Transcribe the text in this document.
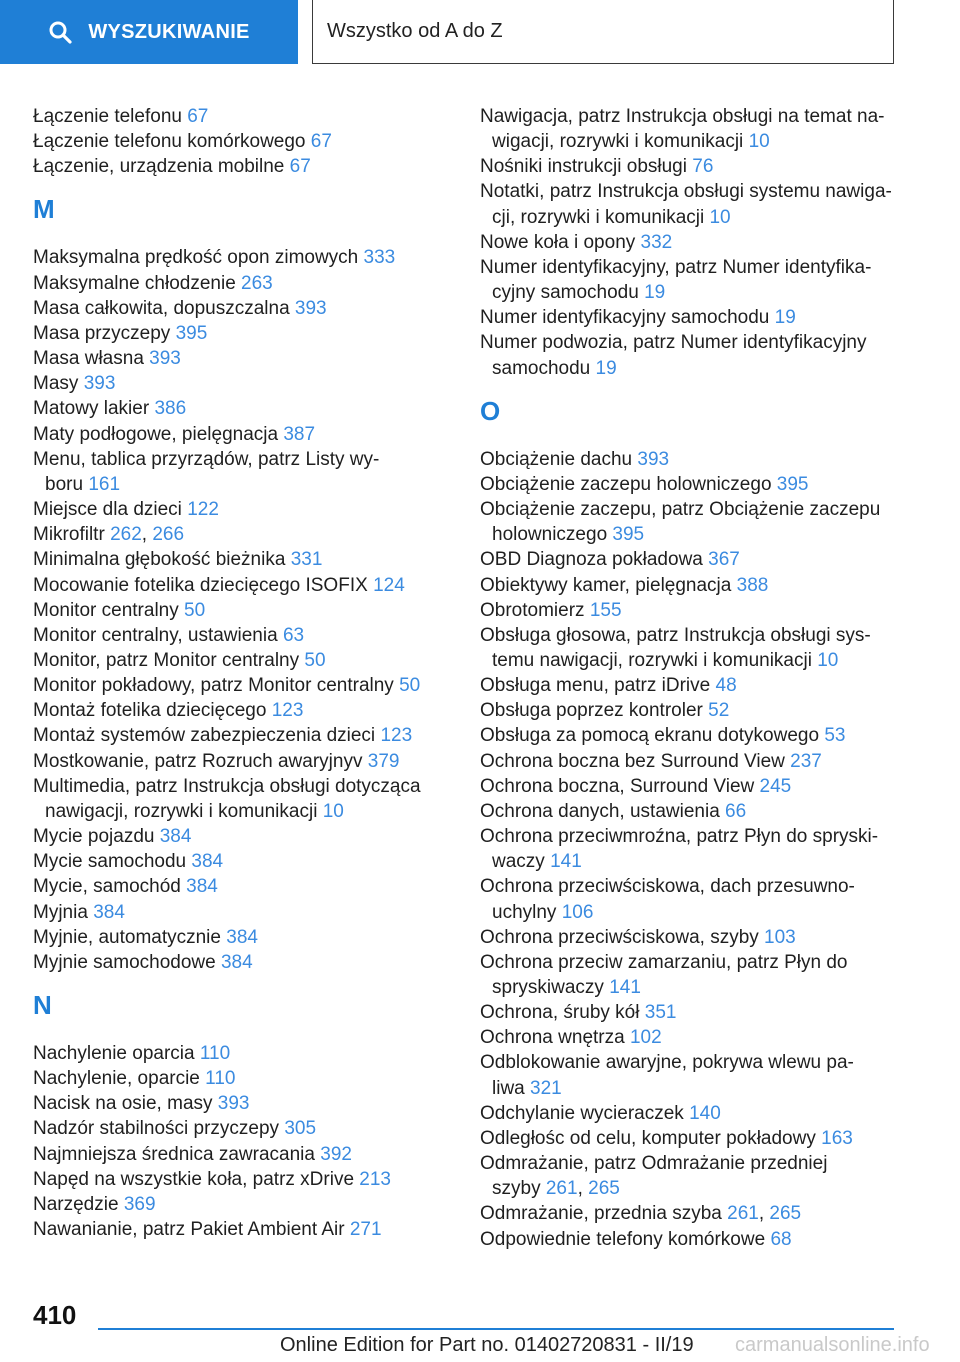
WYSZUKIWANIE	Wszystko od A do Z
Łączenie telefonu 67
Łączenie telefonu komórkowego 67
Łączenie, urządzenia mobilne 67
M
Maksymalna prędkość opon zimowych 333
Maksymalne chłodzenie 263
Masa całkowita, dopuszczalna 393
Masa przyczepy 395
Masa własna 393
Masy 393
Matowy lakier 386
Maty podłogowe, pielęgnacja 387
Menu, tablica przyrządów, patrz Listy wy-
boru 161
Miejsce dla dzieci 122
Mikrofiltr 262, 266
Minimalna głębokość bieżnika 331
Mocowanie fotelika dziecięcego ISOFIX 124
Monitor centralny 50
Monitor centralny, ustawienia 63
Monitor, patrz Monitor centralny 50
Monitor pokładowy, patrz Monitor centralny 50
Montaż fotelika dziecięcego 123
Montaż systemów zabezpieczenia dzieci 123
Mostkowanie, patrz Rozruch awaryjnyv 379
Multimedia, patrz Instrukcja obsługi dotycząca
nawigacji, rozrywki i komunikacji 10
Mycie pojazdu 384
Mycie samochodu 384
Mycie, samochód 384
Myjnia 384
Myjnie, automatycznie 384
Myjnie samochodowe 384
N
Nachylenie oparcia 110
Nachylenie, oparcie 110
Nacisk na osie, masy 393
Nadzór stabilności przyczepy 305
Najmniejsza średnica zawracania 392
Napęd na wszystkie koła, patrz xDrive 213
Narzędzie 369
Nawanianie, patrz Pakiet Ambient Air 271
Nawigacja, patrz Instrukcja obsługi na temat na-
wigacji, rozrywki i komunikacji 10
Nośniki instrukcji obsługi 76
Notatki, patrz Instrukcja obsługi systemu nawiga-
cji, rozrywki i komunikacji 10
Nowe koła i opony 332
Numer identyfikacyjny, patrz Numer identyfika-
cyjny samochodu 19
Numer identyfikacyjny samochodu 19
Numer podwozia, patrz Numer identyfikacyjny
samochodu 19
O
Obciążenie dachu 393
Obciążenie zaczepu holowniczego 395
Obciążenie zaczepu, patrz Obciążenie zaczepu
holowniczego 395
OBD Diagnoza pokładowa 367
Obiektywy kamer, pielęgnacja 388
Obrotomierz 155
Obsługa głosowa, patrz Instrukcja obsługi sys-
temu nawigacji, rozrywki i komunikacji 10
Obsługa menu, patrz iDrive 48
Obsługa poprzez kontroler 52
Obsługa za pomocą ekranu dotykowego 53
Ochrona boczna bez Surround View 237
Ochrona boczna, Surround View 245
Ochrona danych, ustawienia 66
Ochrona przeciwmroźna, patrz Płyn do spryski-
waczy 141
Ochrona przeciwściskowa, dach przesuwno-
uchylny 106
Ochrona przeciwściskowa, szyby 103
Ochrona przeciw zamarzaniu, patrz Płyn do
spryskiwaczy 141
Ochrona, śruby kół 351
Ochrona wnętrza 102
Odblokowanie awaryjne, pokrywa wlewu pa-
liwa 321
Odchylanie wycieraczek 140
Odległośc od celu, komputer pokładowy 163
Odmrażanie, patrz Odmrażanie przedniej
szyby 261, 265
Odmrażanie, przednia szyba 261, 265
Odpowiednie telefony komórkowe 68
410
Online Edition for Part no. 01402720831 - II/19 carmanualsonline.info
